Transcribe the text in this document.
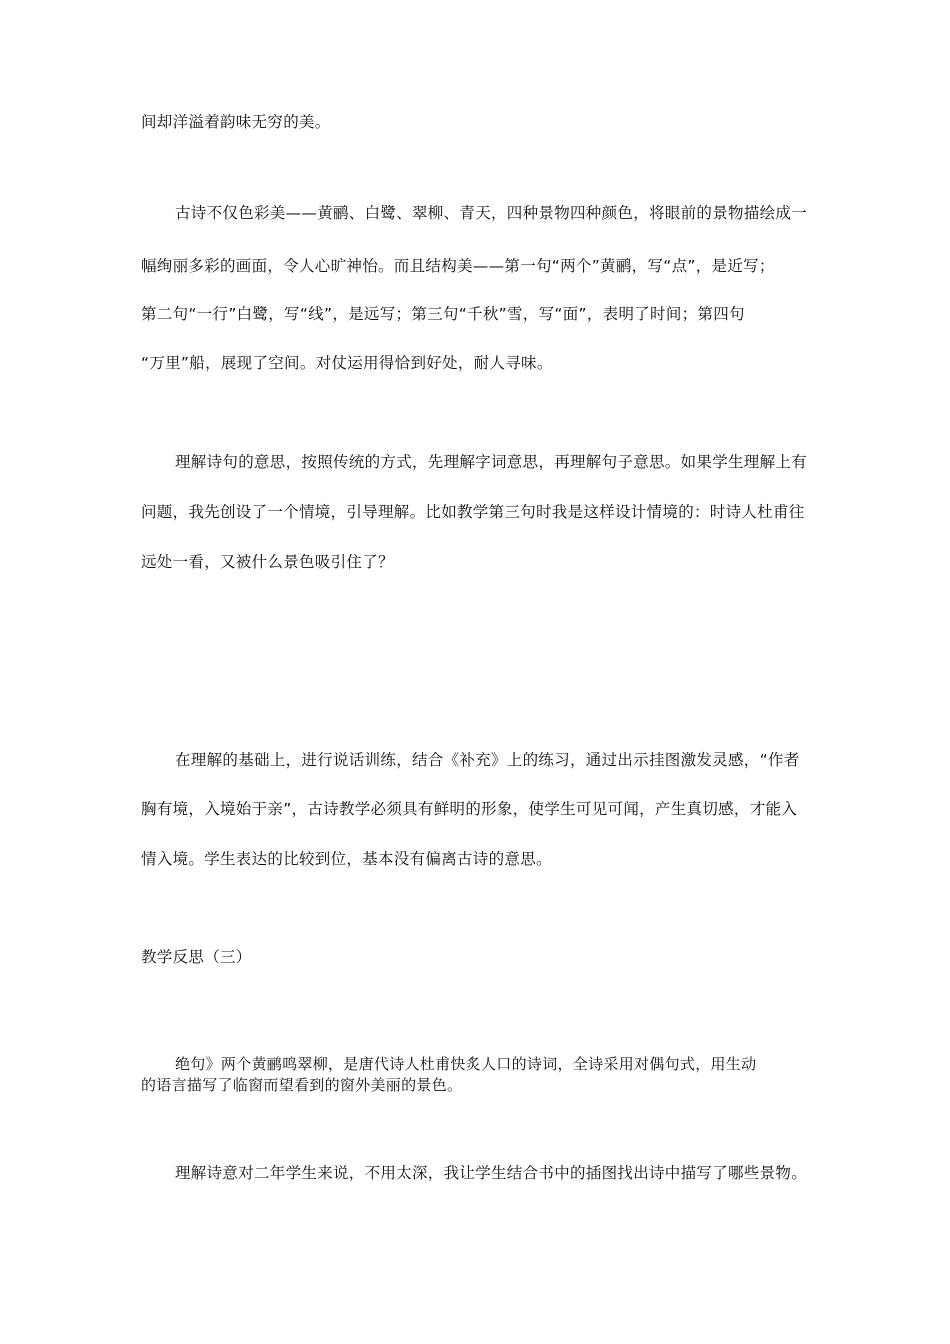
间却洋溢着韵味无穷的美。
古诗不仅色彩美——黄鹂、白鹭、翠柳、青天，四种景物四种颜色，将眼前的景物描绘成一
幅绚丽多彩的画面，令人心旷神怡。而且结构美——第一句“两个”黄鹂，写“点”，是近写；
第二句“一行”白鹭，写“线”，是远写；第三句“千秋”雪，写“面”，表明了时间；第四句
“万里”船，展现了空间。对仗运用得恰到好处，耐人寻味。
理解诗句的意思，按照传统的方式，先理解字词意思，再理解句子意思。如果学生理解上有
问题，我先创设了一个情境，引导理解。比如教学第三句时我是这样设计情境的：时诗人杜甫往
远处一看，又被什么景色吸引住了？
在理解的基础上，进行说话训练，结合《补充》上的练习，通过出示挂图激发灵感，“作者
胸有境，入境始于亲”，古诗教学必须具有鲜明的形象，使学生可见可闻，产生真切感，才能入
情入境。学生表达的比较到位，基本没有偏离古诗的意思。
教学反思（三）
绝句》两个黄鹂鸣翠柳，是唐代诗人杜甫快炙人口的诗词，全诗采用对偶句式，用生动
的语言描写了临窗而望看到的窗外美丽的景色。
理解诗意对二年学生来说，不用太深，我让学生结合书中的插图找出诗中描写了哪些景物。
